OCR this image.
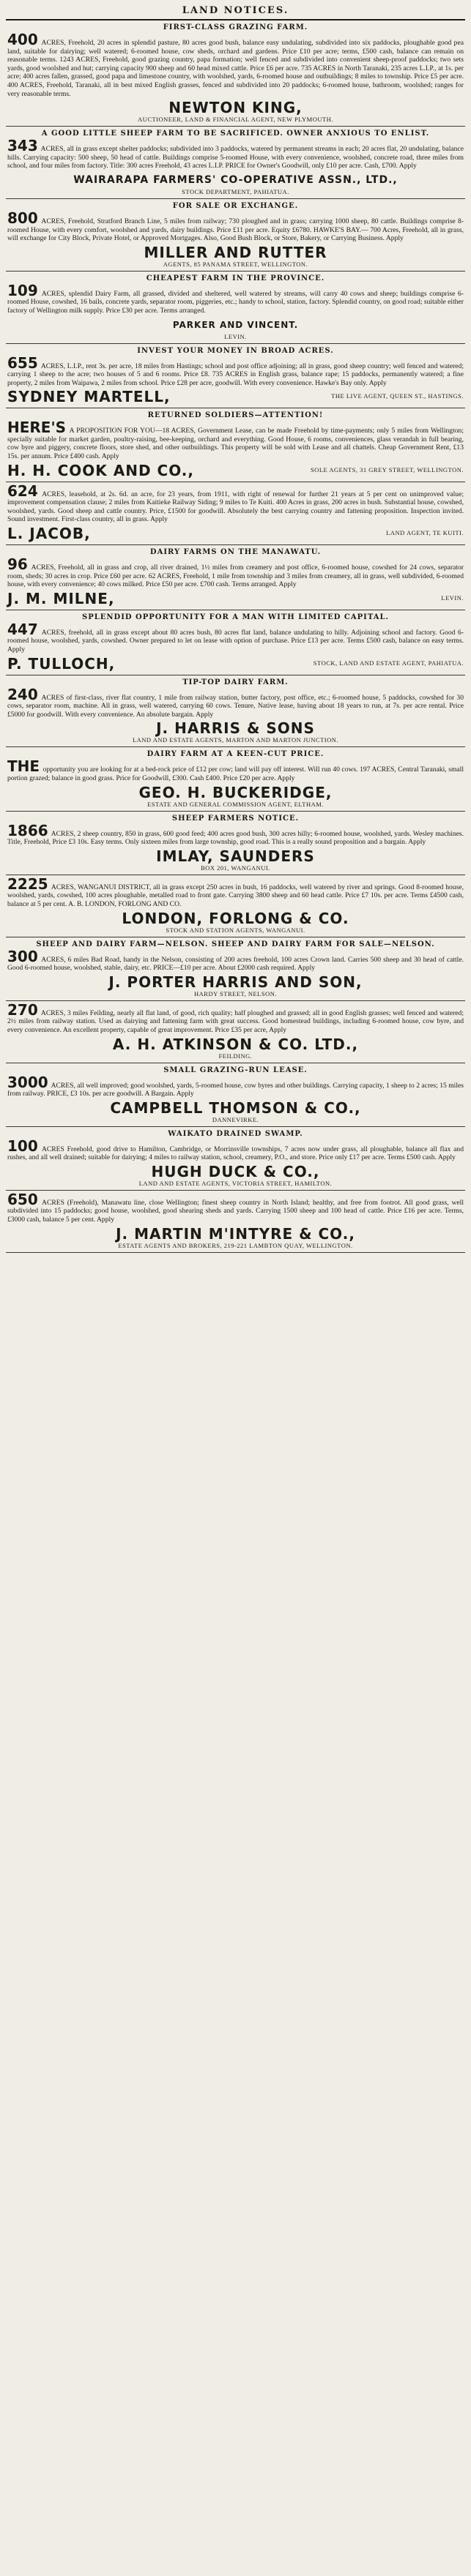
LAND NOTICES.
FIRST-CLASS GRAZING FARM.
400 ACRES, Freehold, 20 acres in splendid pasture, 80 acres good bush, balance easy undulating, subdivided into six paddocks, ploughable good pea land, suitable for dairying; well watered; 6-roomed house, cow sheds, orchard and gardens. Price £10 per acre; terms, £500 cash, balance can remain on reasonable terms. 1243 ACRES, Freehold, good grazing country, papa formation; well fenced and subdivided into convenient sheep-proof paddocks; two sets yards, good woolshed and hut; carrying capacity 900 sheep and 60 head mixed cattle. Price £6 per acre. 735 ACRES in North Taranaki, 235 acres L.I.P., at 1s. per acre; 400 acres fallen, grassed, good papa and limestone country, with woolshed, yards, 6-roomed house and outbuildings; 8 miles to township. Price £5 per acre. 400 ACRES, Freehold, Taranaki, all in best mixed English grasses, fenced and subdivided into 20 paddocks; 6-roomed house, bathroom, woolshed; ranges for very reasonable terms.
NEWTON KING,
AUCTIONEER, LAND & FINANCIAL AGENT, NEW PLYMOUTH.
A GOOD LITTLE SHEEP FARM TO BE SACRIFICED. OWNER ANXIOUS TO ENLIST.
343 ACRES, all in grass except shelter paddocks; subdivided into 3 paddocks, watered by permanent streams in each; 20 acres flat, 20 undulating, balance hills. Carrying capacity: 500 sheep, 50 head of cattle. Buildings comprise 5-roomed House, with every convenience, woolshed, concrete road, three miles from school, and four miles from factory. Title: 300 acres Freehold, 43 acres L.I.P. PRICE for Owner's Goodwill, only £10 per acre. Cash, £700. Apply
WAIRARAPA FARMERS' CO-OPERATIVE ASSN., LTD.,
STOCK DEPARTMENT, PAHIATUA.
FOR SALE OR EXCHANGE.
800 ACRES, Freehold, Stratford Branch Line, 5 miles from railway; 730 ploughed and in grass; carrying 1000 sheep, 80 cattle. Buildings comprise 8-roomed House, with every comfort, woolshed and yards, dairy buildings. Price £11 per acre. Equity £6780. HAWKE'S BAY.— 700 Acres, Freehold, all in grass, will exchange for City Block, Private Hotel, or Approved Mortgages. Also, Good Bush Block, or Store, Bakery, or Carrying Business. Apply
MILLER AND RUTTER
AGENTS, 85 PANAMA STREET, WELLINGTON.
CHEAPEST FARM IN THE PROVINCE.
109 ACRES, splendid Dairy Farm, all grassed, divided and sheltered, well watered by streams, will carry 40 cows and sheep; buildings comprise 6-roomed House, cowshed, 16 bails, concrete yards, separator room, piggeries, etc.; handy to school, station, factory. Splendid country, on good road; suitable either factory of Wellington milk supply. Price £30 per acre. Terms arranged.
PARKER AND VINCENT.
LEVIN.
INVEST YOUR MONEY IN BROAD ACRES.
655 ACRES, L.I.P., rent 3s. per acre, 18 miles from Hastings; school and post office adjoining; all in grass, good sheep country; well fenced and watered; carrying 1 sheep to the acre; two houses of 5 and 6 rooms. Price £8. 735 ACRES in English grass, balance rape; 15 paddocks, permanently watered; a fine property, 2 miles from Waipawa, 2 miles from school. Price £28 per acre, goodwill. With every convenience. Hawke's Bay only. Apply
SYDNEY MARTELL,	THE LIVE AGENT, QUEEN ST., HASTINGS.
RETURNED SOLDIERS—ATTENTION!
HERE'S A PROPOSITION FOR YOU—18 ACRES, Government Lease, can be made Freehold by time-payments; only 5 miles from Wellington; specially suitable for market garden, poultry-raising, bee-keeping, orchard and everything. Good House, 6 rooms, conveniences, glass verandah in full bearing, cow byre and piggery, concrete floors, store shed, and other outbuildings. This property will be sold with Lease and all chattels. Cheap Government Rent, £13 15s. per annum. Price £400 cash. Apply
H. H. COOK AND CO.,	SOLE AGENTS, 31 GREY STREET, WELLINGTON.
624 ACRES, leasehold, at 2s. 6d. an acre, for 23 years, from 1911, with right of renewal for further 21 years at 5 per cent on unimproved value; improvement compensation clause; 2 miles from Kaitieke Railway Siding; 9 miles to Te Kuiti. 400 Acres in grass, 200 acres in bush. Substantial house, cowshed, woolshed, yards. Good sheep and cattle country. Price, £1500 for goodwill. Absolutely the best carrying country and fattening proposition. Inspection invited. Sound investment. First-class country, all in grass. Apply
L. JACOB,	LAND AGENT, TE KUITI.
DAIRY FARMS ON THE MANAWATU.
96 ACRES, Freehold, all in grass and crop, all river drained, 1½ miles from creamery and post office, 6-roomed house, cowshed for 24 cows, separator room, sheds; 30 acres in crop. Price £60 per acre. 62 ACRES, Freehold, 1 mile from township and 3 miles from creamery, all in grass, well subdivided, 6-roomed house, with every convenience; 40 cows milked. Price £50 per acre. £700 cash. Terms arranged. Apply
J. M. MILNE,	LEVIN.
SPLENDID OPPORTUNITY FOR A MAN WITH LIMITED CAPITAL.
447 ACRES, freehold, all in grass except about 80 acres bush, 80 acres flat land, balance undulating to hilly. Adjoining school and factory. Good 6-roomed house, woolshed, yards, cowshed. Owner prepared to let on lease with option of purchase. Price £13 per acre. Terms £500 cash, balance on easy terms. Apply
P. TULLOCH,	STOCK, LAND AND ESTATE AGENT, PAHIATUA.
TIP-TOP DAIRY FARM.
240 ACRES of first-class, river flat country, 1 mile from railway station, butter factory, post office, etc.; 6-roomed house, 5 paddocks, cowshed for 30 cows, separator room, machine. All in grass, well watered, carrying 60 cows. Tenure, Native lease, having about 18 years to run, at 7s. per acre rental. Price £5000 for goodwill. With every convenience. An absolute bargain. Apply
J. HARRIS & SONS
LAND AND ESTATE AGENTS, MARTON AND MARTON JUNCTION.
DAIRY FARM AT A KEEN-CUT PRICE.
THE opportunity you are looking for at a bed-rock price of £12 per cow; land will pay off interest. Will run 40 cows. 197 ACRES, Central Taranaki, small portion grazed; balance in good grass. Price for Goodwill, £300. Cash £400. Price £20 per acre. Apply
GEO. H. BUCKERIDGE,
ESTATE AND GENERAL COMMISSION AGENT, ELTHAM.
SHEEP FARMERS NOTICE.
1866 ACRES, 2 sheep country, 850 in grass, 600 good feed; 400 acres good bush, 300 acres hilly; 6-roomed house, woolshed, yards. Wesley machines. Title, Freehold, Price £3 10s. Easy terms. Only sixteen miles from large township, good road. This is a really sound proposition and a bargain. Apply
IMLAY, SAUNDERS
BOX 201, WANGANUI.
2225 ACRES, WANGANUI DISTRICT, all in grass except 250 acres in bush, 16 paddocks, well watered by river and springs. Good 8-roomed house, woolshed, yards, cowshed, 100 acres ploughable, metalled road to front gate. Carrying 3800 sheep and 60 head cattle. Price £7 10s. per acre. Terms £4500 cash, balance at 5 per cent. A. B. LONDON, FORLONG AND CO.
LONDON, FORLONG & CO.
STOCK AND STATION AGENTS, WANGANUI.
SHEEP AND DAIRY FARM—NELSON. SHEEP AND DAIRY FARM FOR SALE—NELSON.
300 ACRES, 6 miles Bad Road, handy in the Nelson, consisting of 200 acres freehold, 100 acres Crown land. Carries 500 sheep and 30 head of cattle. Good 6-roomed house, woolshed, stable, dairy, etc. PRICE—£10 per acre. About £2000 cash required. Apply
J. PORTER HARRIS AND SON,
HARDY STREET, NELSON.
270 ACRES, 3 miles Feilding, nearly all flat land, of good, rich quality; half ploughed and grassed; all in good English grasses; well fenced and watered; 2½ miles from railway station. Used as dairying and fattening farm with great success. Good homestead buildings, including 6-roomed house, cow byre, and every convenience. An excellent property, capable of great improvement. Price £35 per acre, Apply
A. H. ATKINSON & CO. LTD.,
FEILDING.
SMALL GRAZING-RUN LEASE.
3000 ACRES, all well improved; good woolshed, yards, 5-roomed house, cow byres and other buildings. Carrying capacity, 1 sheep to 2 acres; 15 miles from railway. PRICE, £3 10s. per acre goodwill. A Bargain. Apply
CAMPBELL THOMSON & CO.,
DANNEVIRKE.
WAIKATO DRAINED SWAMP.
100 ACRES Freehold, good drive to Hamilton, Cambridge, or Morrinsville townships, 7 acres now under grass, all ploughable, balance all flax and rushes, and all well drained; suitable for dairying; 4 miles to railway station, school, creamery, P.O., and store. Price only £17 per acre. Terms £500 cash. Apply
HUGH DUCK & CO.,
LAND AND ESTATE AGENTS, VICTORIA STREET, HAMILTON.
650 ACRES (Freehold), Manawatu line, close Wellington; finest sheep country in North Island; healthy, and free from footrot. All good grass, well subdivided into 15 paddocks; good house, woolshed, good shearing sheds and yards. Carrying 1500 sheep and 100 head of cattle. Price £16 per acre. Terms, £3000 cash, balance 5 per cent. Apply
J. MARTIN M'INTYRE & CO.,
ESTATE AGENTS AND BROKERS, 219-221 LAMBTON QUAY, WELLINGTON.
